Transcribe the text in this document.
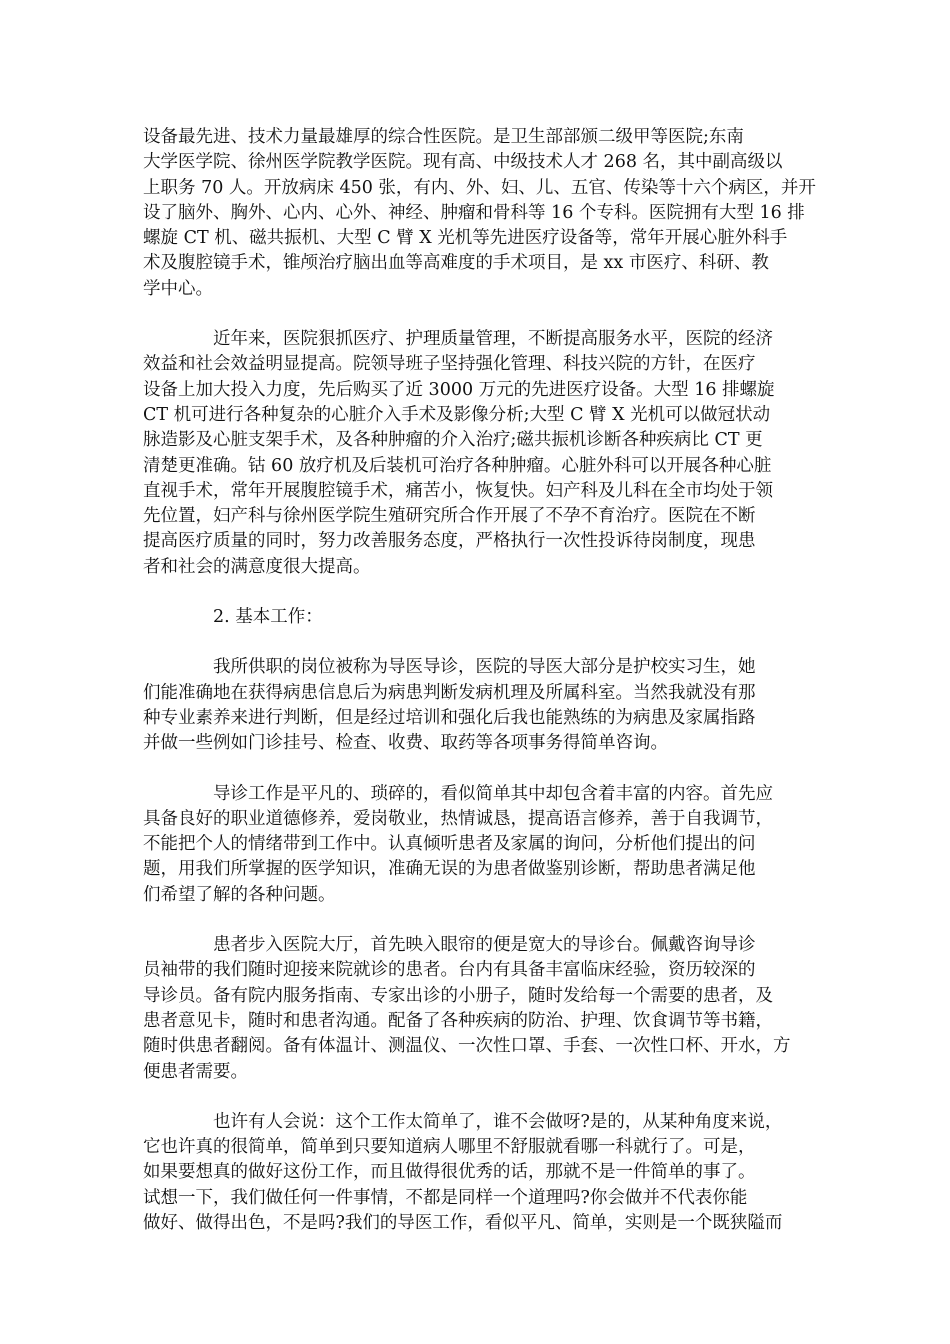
设备最先进、技术力量最雄厚的综合性医院。是卫生部部颁二级甲等医院;东南
大学医学院、徐州医学院教学医院。现有高、中级技术人才 268 名，其中副高级以
上职务 70 人。开放病床 450 张，有内、外、妇、儿、五官、传染等十六个病区，并开
设了脑外、胸外、心内、心外、神经、肿瘤和骨科等 16 个专科。医院拥有大型 16 排
螺旋 CT 机、磁共振机、大型 C 臂 X 光机等先进医疗设备等，常年开展心脏外科手
术及腹腔镜手术，锥颅治疗脑出血等高难度的手术项目，是 xx 市医疗、科研、教
学中心。
近年来，医院狠抓医疗、护理质量管理，不断提高服务水平，医院的经济
效益和社会效益明显提高。院领导班子坚持强化管理、科技兴院的方针，在医疗
设备上加大投入力度，先后购买了近 3000 万元的先进医疗设备。大型 16 排螺旋
CT 机可进行各种复杂的心脏介入手术及影像分析;大型 C 臂 X 光机可以做冠状动
脉造影及心脏支架手术，及各种肿瘤的介入治疗;磁共振机诊断各种疾病比 CT 更
清楚更准确。钴 60 放疗机及后装机可治疗各种肿瘤。心脏外科可以开展各种心脏
直视手术，常年开展腹腔镜手术，痛苦小，恢复快。妇产科及儿科在全市均处于领
先位置，妇产科与徐州医学院生殖研究所合作开展了不孕不育治疗。医院在不断
提高医疗质量的同时，努力改善服务态度，严格执行一次性投诉待岗制度，现患
者和社会的满意度很大提高。
2. 基本工作：
我所供职的岗位被称为导医导诊，医院的导医大部分是护校实习生，她
们能准确地在获得病患信息后为病患判断发病机理及所属科室。当然我就没有那
种专业素养来进行判断，但是经过培训和强化后我也能熟练的为病患及家属指路
并做一些例如门诊挂号、检查、收费、取药等各项事务得简单咨询。
导诊工作是平凡的、琐碎的，看似简单其中却包含着丰富的内容。首先应
具备良好的职业道德修养，爱岗敬业，热情诚恳，提高语言修养，善于自我调节，
不能把个人的情绪带到工作中。认真倾听患者及家属的询问，分析他们提出的问
题，用我们所掌握的医学知识，准确无误的为患者做鉴别诊断，帮助患者满足他
们希望了解的各种问题。
患者步入医院大厅，首先映入眼帘的便是宽大的导诊台。佩戴咨询导诊
员袖带的我们随时迎接来院就诊的患者。台内有具备丰富临床经验，资历较深的
导诊员。备有院内服务指南、专家出诊的小册子，随时发给每一个需要的患者，及
患者意见卡，随时和患者沟通。配备了各种疾病的防治、护理、饮食调节等书籍，
随时供患者翻阅。备有体温计、测温仪、一次性口罩、手套、一次性口杯、开水，方
便患者需要。
也许有人会说：这个工作太简单了，谁不会做呀?是的，从某种角度来说，
它也许真的很简单，简单到只要知道病人哪里不舒服就看哪一科就行了。可是，
如果要想真的做好这份工作，而且做得很优秀的话，那就不是一件简单的事了。
试想一下，我们做任何一件事情，不都是同样一个道理吗?你会做并不代表你能
做好、做得出色，不是吗?我们的导医工作，看似平凡、简单，实则是一个既狭隘而
